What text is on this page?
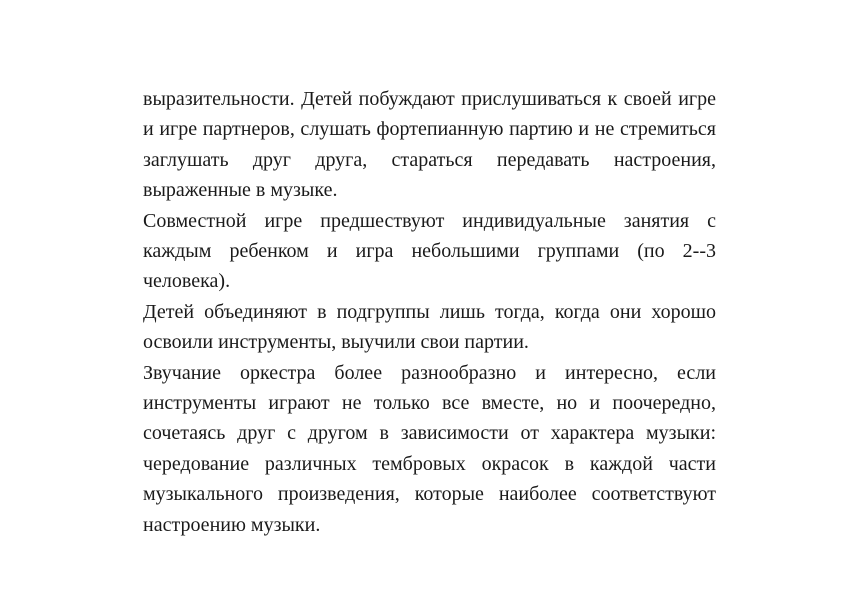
выразительности. Детей побуждают прислушиваться к своей игре и игре партнеров, слушать фортепианную партию и не стремиться заглушать друг друга, стараться передавать настроения, выраженные в музыке.

Совместной игре предшествуют индивидуальные занятия с каждым ребенком и игра небольшими группами (по 2--3 человека).

Детей объединяют в подгруппы лишь тогда, когда они хорошо освоили инструменты, выучили свои партии.

Звучание оркестра более разнообразно и интересно, если инструменты играют не только все вместе, но и поочередно, сочетаясь друг с другом в зависимости от характера музыки: чередование различных тембровых окрасок в каждой части музыкального произведения, которые наиболее соответствуют настроению музыки.
